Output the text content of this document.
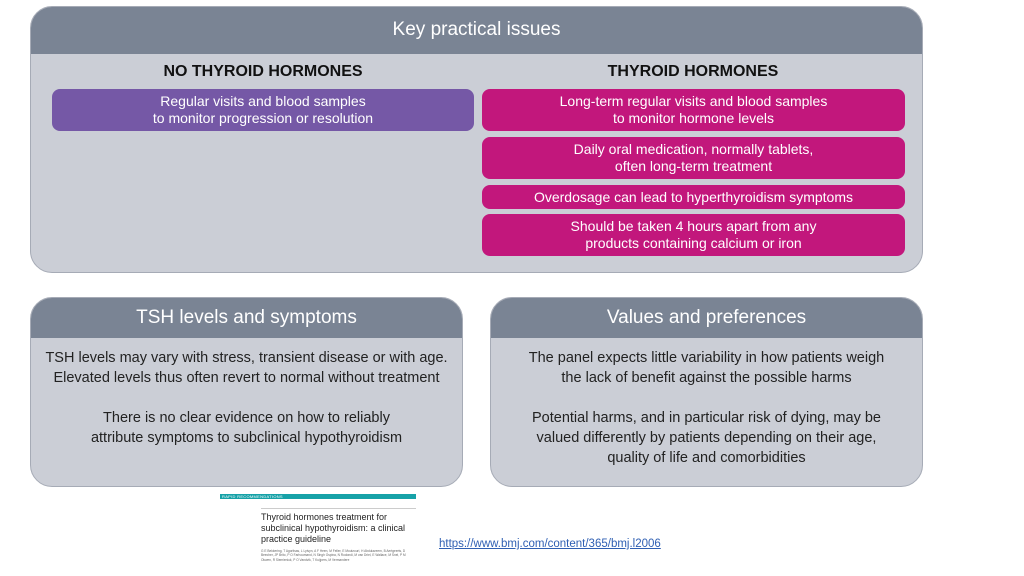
Key practical issues
NO THYROID HORMONES	THYROID HORMONES
Regular visits and blood samples
to monitor progression or resolution
Long-term regular visits and blood samples
to monitor hormone levels
Daily oral medication, normally tablets,
often long-term treatment
Overdosage can lead to hyperthyroidism symptoms
Should be taken 4 hours apart from any
products containing calcium or iron
TSH levels and symptoms

TSH levels may vary with stress, transient disease or with age. Elevated levels thus often revert to normal without treatment

There is no clear evidence on how to reliably attribute symptoms to subclinical hypothyroidism

Values and preferences

The panel expects little variability in how patients weigh the lack of benefit against the possible harms

Potential harms, and in particular risk of dying, may be valued differently by patients depending on their age, quality of life and comorbidities

RAPID RECOMMENDATIONS
Thyroid hormones treatment for subclinical hypothyroidism: a clinical practice guideline
G E Bekkering, T Agoritsas, L Lytvyn, A F Heen, M Feller, E Moutzouri, H Abdulazeem, B Aertgeerts, D Beecher, JP Brito, P O Farhoumand, N Singh Ospina, N Rodondi, M van Driel, E Wallace, M Snel, P M Okwen, R Siemieniuk, P O Vandvik, T Kuijpers, M Vermandere
https://www.bmj.com/content/365/bmj.l2006
